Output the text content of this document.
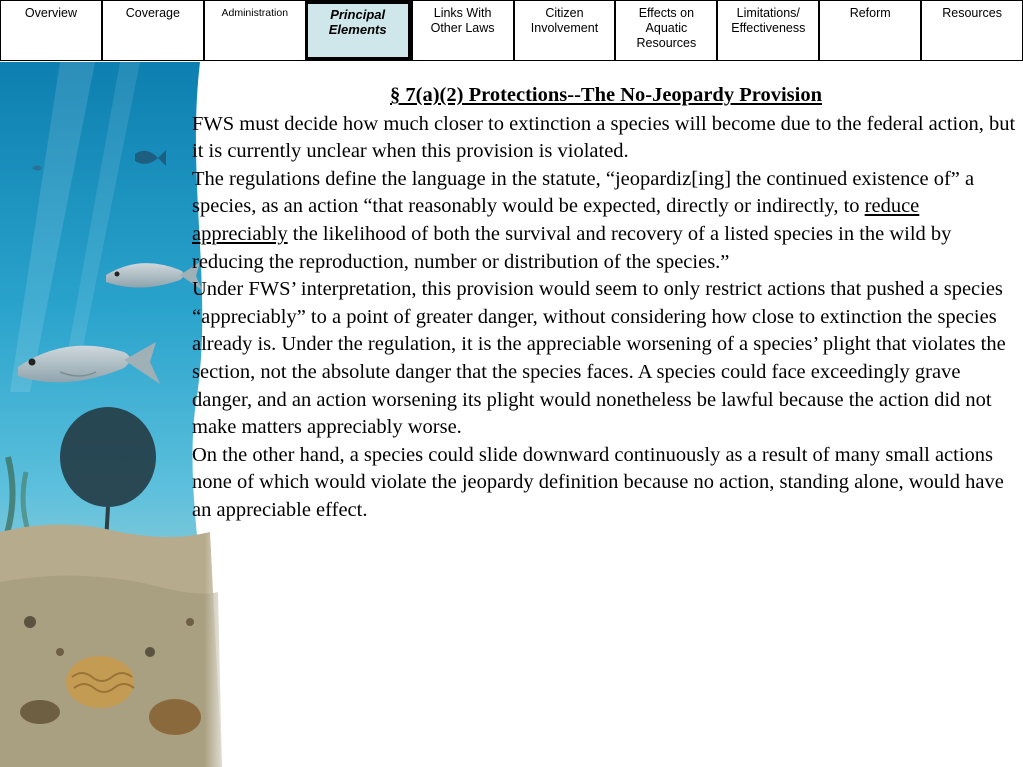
Overview	Coverage	Administration	Principal
Elements
Links With
Other Laws
Citizen
Involvement
Effects on
Aquatic
Resources
Limitations/
Effectiveness
Reform	Resources
§ 7(a)(2) Protections--The No-Jeopardy Provision

FWS must decide how much closer to extinction a species will become due to the federal action, but it is currently unclear when this provision is violated.

The regulations define the language in the statute, “jeopardiz[ing] the continued existence of” a species, as an action “that reasonably would be expected, directly or indirectly, to reduce appreciably the likelihood of both the survival and recovery of a listed species in the wild by reducing the reproduction, number or distribution of the species.”

Under FWS’ interpretation, this provision would seem to only restrict actions that pushed a species “appreciably” to a point of greater danger, without considering how close to extinction the species already is. Under the regulation, it is the appreciable worsening of a species’ plight that violates the section, not the absolute danger that the species faces. A species could face exceedingly grave danger, and an action worsening its plight would nonetheless be lawful because the action did not make matters appreciably worse.

On the other hand, a species could slide downward continuously as a result of many small actions none of which would violate the jeopardy definition because no action, standing alone, would have an appreciable effect.
